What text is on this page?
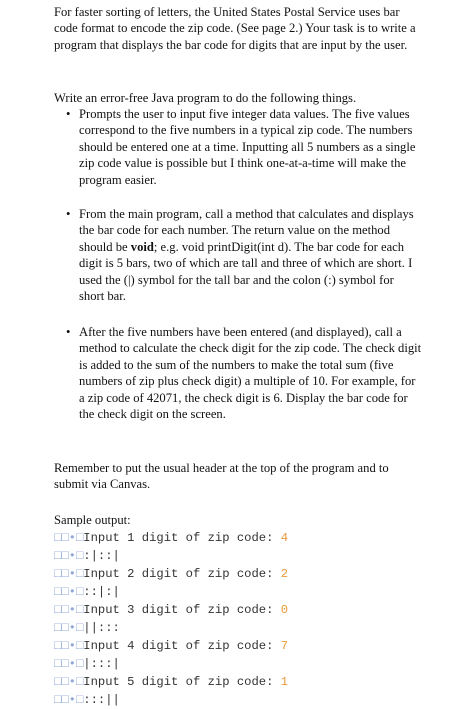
For faster sorting of letters, the United States Postal Service uses bar code format to encode the zip code. (See page 2.) Your task is to write a program that displays the bar code for digits that are input by the user.

Write an error-free Java program to do the following things.

• Prompts the user to input five integer data values. The five values correspond to the five numbers in a typical zip code. The numbers should be entered one at a time. Inputting all 5 numbers as a single zip code value is possible but I think one-at-a-time will make the program easier.
• From the main program, call a method that calculates and displays the bar code for each number. The return value on the method should be void; e.g. void printDigit(int d). The bar code for each digit is 5 bars, two of which are tall and three of which are short. I used the (|) symbol for the tall bar and the colon (:) symbol for short bar.
• After the five numbers have been entered (and displayed), call a method to calculate the check digit for the zip code. The check digit is added to the sum of the numbers to make the total sum (five numbers of zip plus check digit) a multiple of 10. For example, for a zip code of 42071, the check digit is 6. Display the bar code for the check digit on the screen.

Remember to put the usual header at the top of the program and to submit via Canvas.

Sample output:
□□•□Input 1 digit of zip code: 4
□□•□:|::|
□□•□Input 2 digit of zip code: 2
□□•□::|:|
□□•□Input 3 digit of zip code: 0
□□•□||:::
□□•□Input 4 digit of zip code: 7
□□•□|:::|
□□•□Input 5 digit of zip code: 1
□□•□:::||
